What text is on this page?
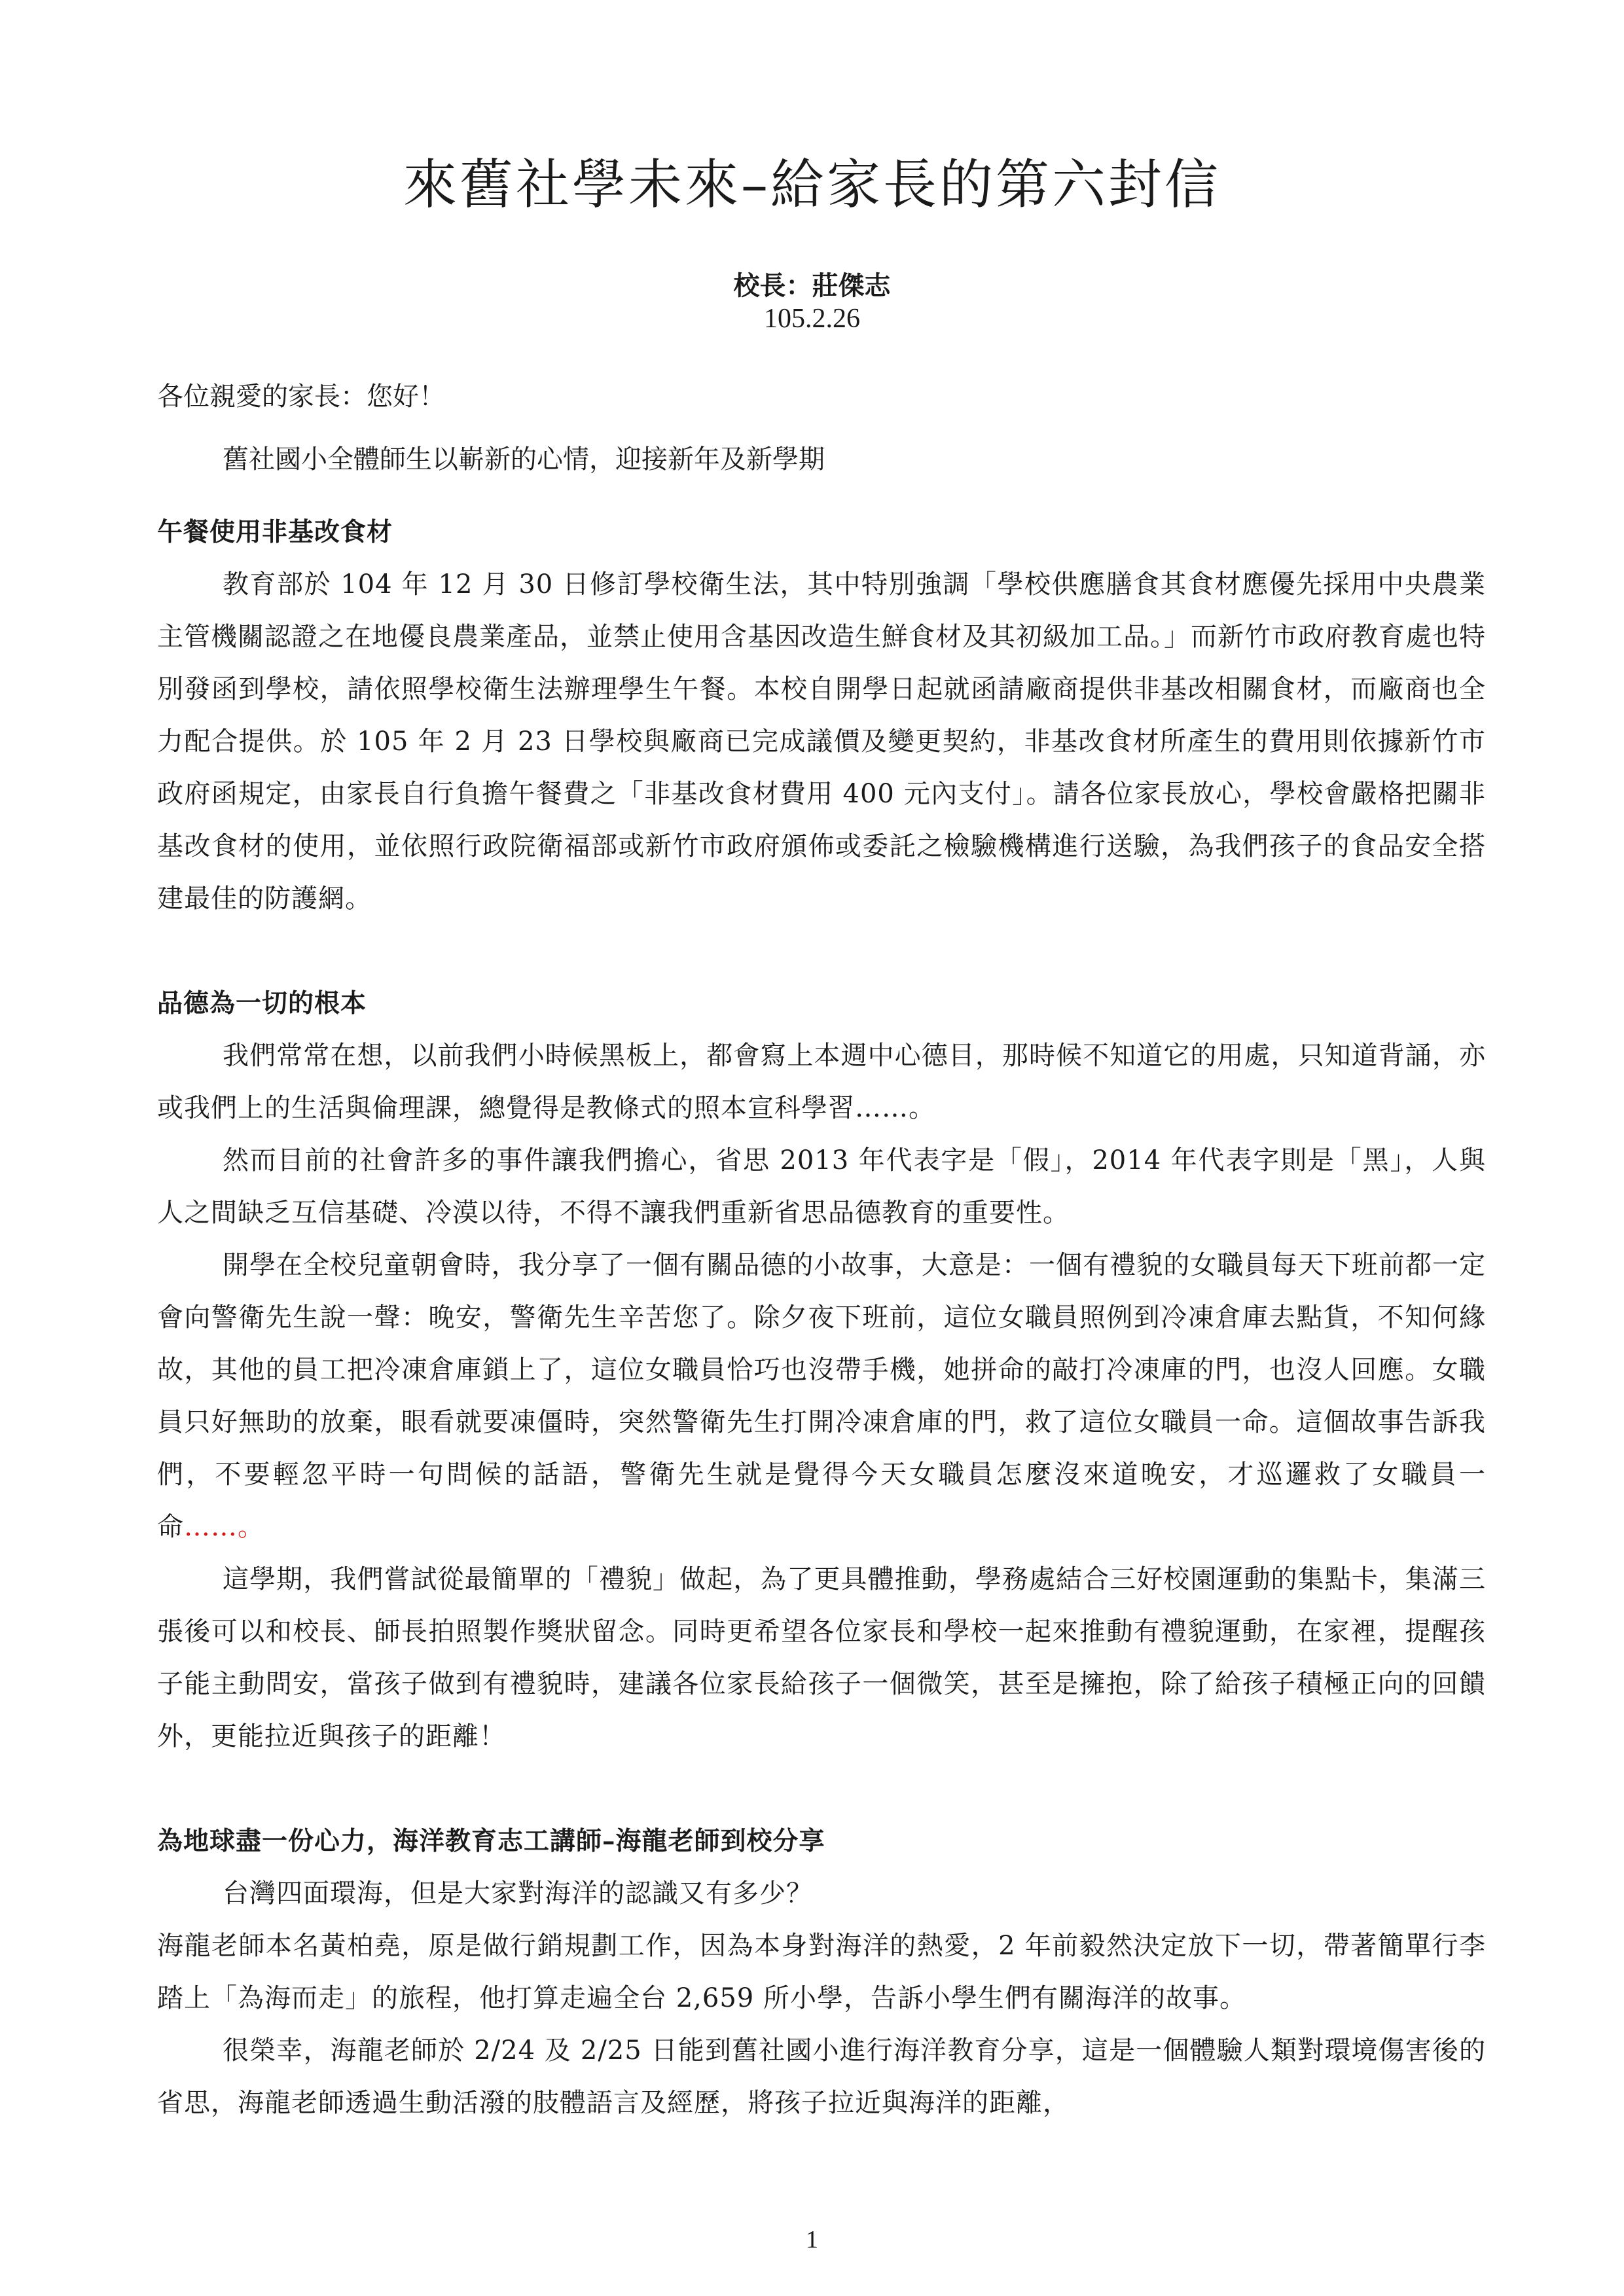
來舊社學未來–給家長的第六封信
校長：莊傑志
105.2.26

各位親愛的家長：您好！

舊社國小全體師生以嶄新的心情，迎接新年及新學期

午餐使用非基改食材

教育部於 104 年 12 月 30 日修訂學校衛生法，其中特別強調「學校供應膳食其食材應優先採用中央農業主管機關認證之在地優良農業產品，並禁止使用含基因改造生鮮食材及其初級加工品。」而新竹市政府教育處也特別發函到學校，請依照學校衛生法辦理學生午餐。本校自開學日起就函請廠商提供非基改相關食材，而廠商也全力配合提供。於 105 年 2 月 23 日學校與廠商已完成議價及變更契約，非基改食材所產生的費用則依據新竹市政府函規定，由家長自行負擔午餐費之「非基改食材費用 400 元內支付」。請各位家長放心，學校會嚴格把關非基改食材的使用，並依照行政院衛福部或新竹市政府頒佈或委託之檢驗機構進行送驗，為我們孩子的食品安全搭建最佳的防護網。

品德為一切的根本

我們常常在想，以前我們小時候黑板上，都會寫上本週中心德目，那時候不知道它的用處，只知道背誦，亦或我們上的生活與倫理課，總覺得是教條式的照本宣科學習……。

然而目前的社會許多的事件讓我們擔心，省思 2013 年代表字是「假」，2014 年代表字則是「黑」，人與人之間缺乏互信基礎、冷漠以待，不得不讓我們重新省思品德教育的重要性。

開學在全校兒童朝會時，我分享了一個有關品德的小故事，大意是：一個有禮貌的女職員每天下班前都一定會向警衛先生說一聲：晚安，警衛先生辛苦您了。除夕夜下班前，這位女職員照例到冷凍倉庫去點貨，不知何緣故，其他的員工把冷凍倉庫鎖上了，這位女職員恰巧也沒帶手機，她拼命的敲打冷凍庫的門，也沒人回應。女職員只好無助的放棄，眼看就要凍僵時，突然警衛先生打開冷凍倉庫的門，救了這位女職員一命。這個故事告訴我們，不要輕忽平時一句問候的話語，警衛先生就是覺得今天女職員怎麼沒來道晚安，才巡邏救了女職員一命……。

這學期，我們嘗試從最簡單的「禮貌」做起，為了更具體推動，學務處結合三好校園運動的集點卡，集滿三張後可以和校長、師長拍照製作獎狀留念。同時更希望各位家長和學校一起來推動有禮貌運動，在家裡，提醒孩子能主動問安，當孩子做到有禮貌時，建議各位家長給孩子一個微笑，甚至是擁抱，除了給孩子積極正向的回饋外，更能拉近與孩子的距離！

為地球盡一份心力，海洋教育志工講師–海龍老師到校分享

台灣四面環海，但是大家對海洋的認識又有多少？

海龍老師本名黃柏堯，原是做行銷規劃工作，因為本身對海洋的熱愛，2 年前毅然決定放下一切，帶著簡單行李踏上「為海而走」的旅程，他打算走遍全台 2,659 所小學，告訴小學生們有關海洋的故事。

很榮幸，海龍老師於 2/24 及 2/25 日能到舊社國小進行海洋教育分享，這是一個體驗人類對環境傷害後的省思，海龍老師透過生動活潑的肢體語言及經歷，將孩子拉近與海洋的距離，

1
